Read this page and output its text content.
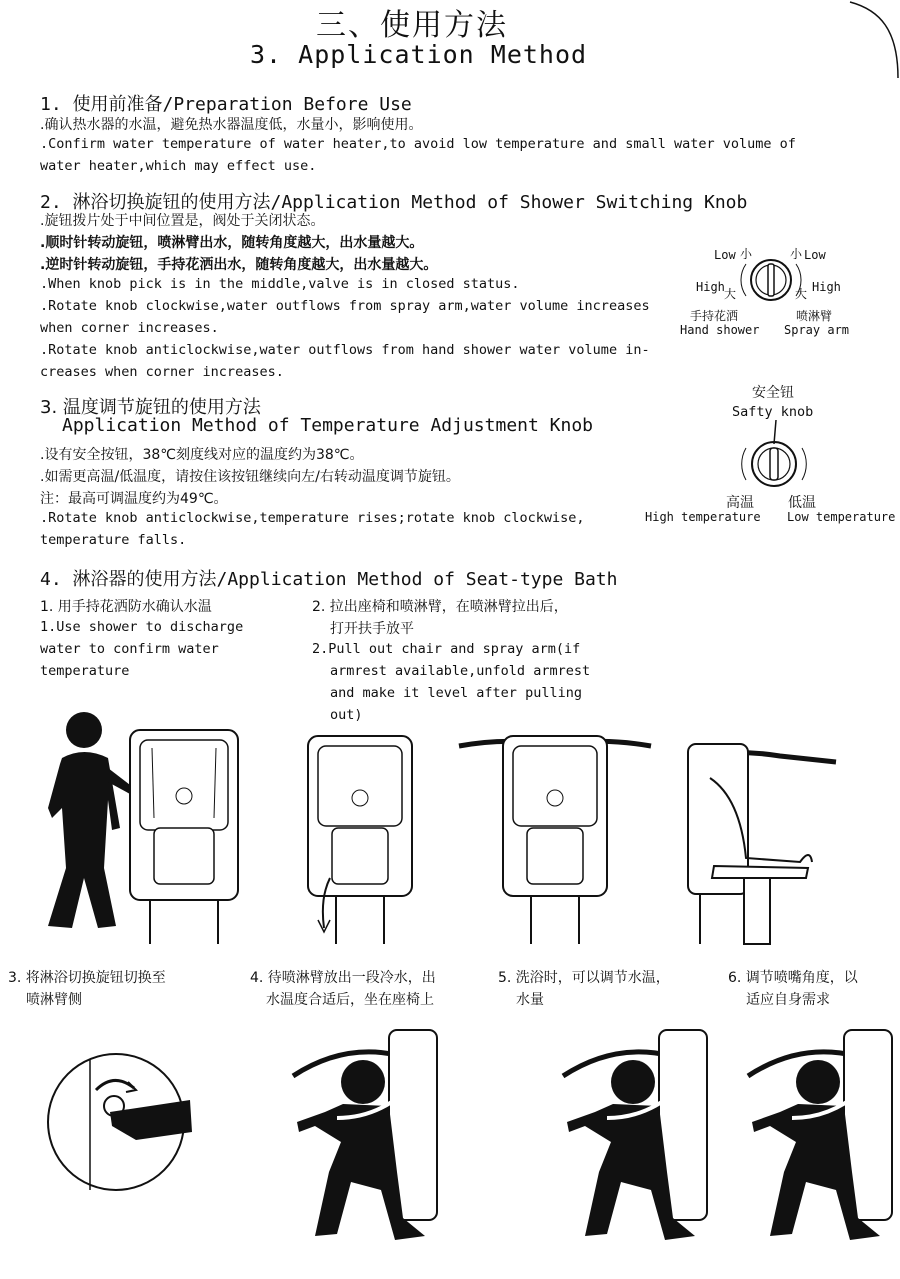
三、使用方法
3. Application Method
1. 使用前准备/Preparation Before Use
.确认热水器的水温，避免热水器温度低，水量小，影响使用。
.Confirm water temperature of water heater,to avoid low temperature and small water volume of
water heater,which may effect use.
2. 淋浴切换旋钮的使用方法/Application Method of Shower Switching Knob
.旋钮拨片处于中间位置是，阀处于关闭状态。
.顺时针转动旋钮，喷淋臂出水，随转角度越大，出水量越大。
.逆时针转动旋钮，手持花洒出水，随转角度越大，出水量越大。
.When knob pick is in the middle,valve is in closed status.
.Rotate knob clockwise,water outflows from spray arm,water volume increases
when corner increases.
.Rotate knob anticlockwise,water outflows from hand shower water volume in-
creases when corner increases.
Low 小	小 Low
High 大	大 High
手持花洒
Hand shower
喷淋臂
Spray arm
3. 温度调节旋钮的使用方法
Application Method of Temperature Adjustment Knob
.设有安全按钮，38℃刻度线对应的温度约为38℃。
.如需更高温/低温度，请按住该按钮继续向左/右转动温度调节旋钮。
注：最高可调温度约为49℃。
.Rotate knob anticlockwise,temperature rises;rotate knob clockwise,
temperature falls.
安全钮
Safty knob
高温 低温
High temperature Low temperature
4. 淋浴器的使用方法/Application Method of Seat-type Bath
1. 用手持花洒防水确认水温
1.Use shower to discharge
water to confirm water
temperature
2. 拉出座椅和喷淋臂，在喷淋臂拉出后，
打开扶手放平
2.Pull out chair and spray arm(if
armrest available,unfold armrest
and make it level after pulling
out)
3. 将淋浴切换旋钮切换至
喷淋臂侧
4. 待喷淋臂放出一段冷水，出
水温度合适后，坐在座椅上
5. 洗浴时，可以调节水温，
水量
6. 调节喷嘴角度，以
适应自身需求
